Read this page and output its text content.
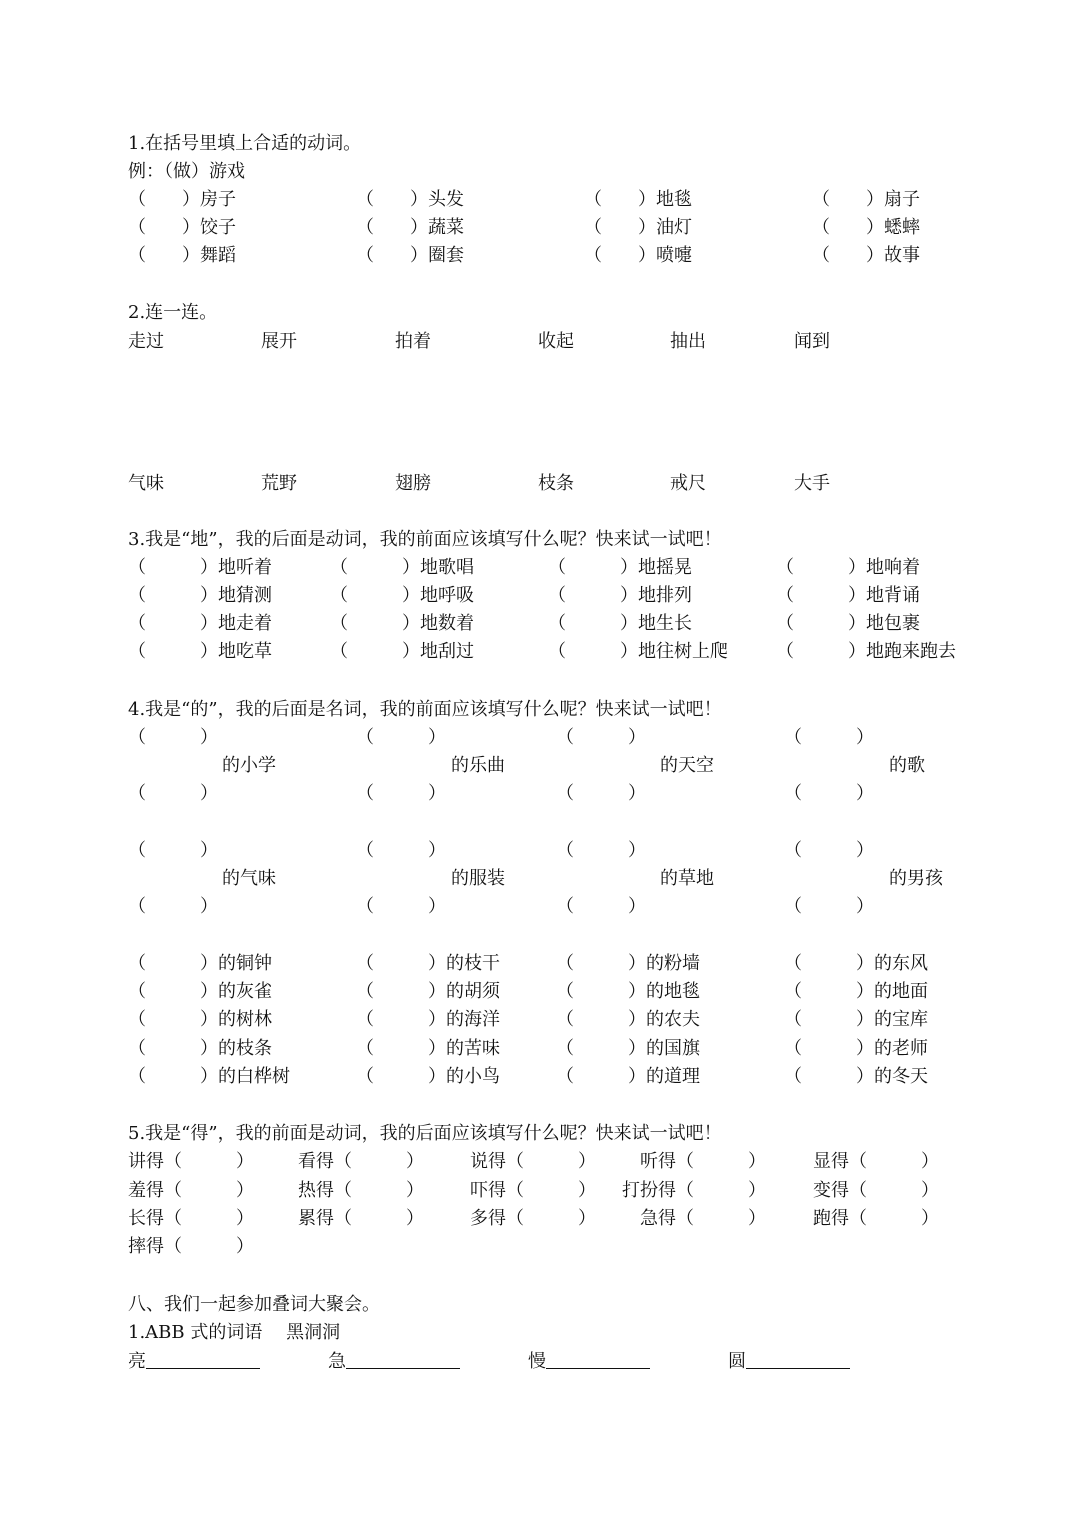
1.在括号里填上合适的动词。
例：（做）游戏
（　　）房子	（　　）头发	（　　）地毯	（　　）扇子
（　　）饺子	（　　）蔬菜	（　　）油灯	（　　）蟋蟀
（　　）舞蹈	（　　）圈套	（　　）喷嚏	（　　）故事
2.连一连。
走过	展开	拍着	收起	抽出	闻到
气味	荒野	翅膀	枝条	戒尺	大手
3.我是“地”，我的后面是动词，我的前面应该填写什么呢？快来试一试吧！
（　　　）地听着	（　　　）地歌唱	（　　　）地摇晃	（　　　）地响着
（　　　）地猜测	（　　　）地呼吸	（　　　）地排列	（　　　）地背诵
（　　　）地走着	（　　　）地数着	（　　　）地生长	（　　　）地包裹
（　　　）地吃草	（　　　）地刮过	（　　　）地往树上爬	（　　　）地跑来跑去
4.我是“的”，我的后面是名词，我的前面应该填写什么呢？快来试一试吧！
（　　　）	（　　　）	（　　　）	（　　　）
的小学	的乐曲	的天空	的歌
（　　　）	（　　　）	（　　　）	（　　　）
（　　　）	（　　　）	（　　　）	（　　　）
的气味	的服装	的草地	的男孩
（　　　）	（　　　）	（　　　）	（　　　）
（　　　）的铜钟	（　　　）的枝干	（　　　）的粉墙	（　　　）的东风
（　　　）的灰雀	（　　　）的胡须	（　　　）的地毯	（　　　）的地面
（　　　）的树林	（　　　）的海洋	（　　　）的农夫	（　　　）的宝库
（　　　）的枝条	（　　　）的苦味	（　　　）的国旗	（　　　）的老师
（　　　）的白桦树	（　　　）的小鸟	（　　　）的道理	（　　　）的冬天
5.我是“得”，我的前面是动词，我的后面应该填写什么呢？快来试一试吧！
讲得（　　　） 看得（　　　）	说得（　　　） 听得（　　　）	显得（　　　）
羞得（　　　） 热得（　　　）	吓得（　　　） 打扮得（　　　）	变得（　　　）
长得（　　　） 累得（　　　）	多得（　　　） 急得（　　　）	跑得（　　　）
摔得（　　　）
八、我们一起参加叠词大聚会。
1.ABB 式的词语　 黑洞洞
亮	急	慢	圆
